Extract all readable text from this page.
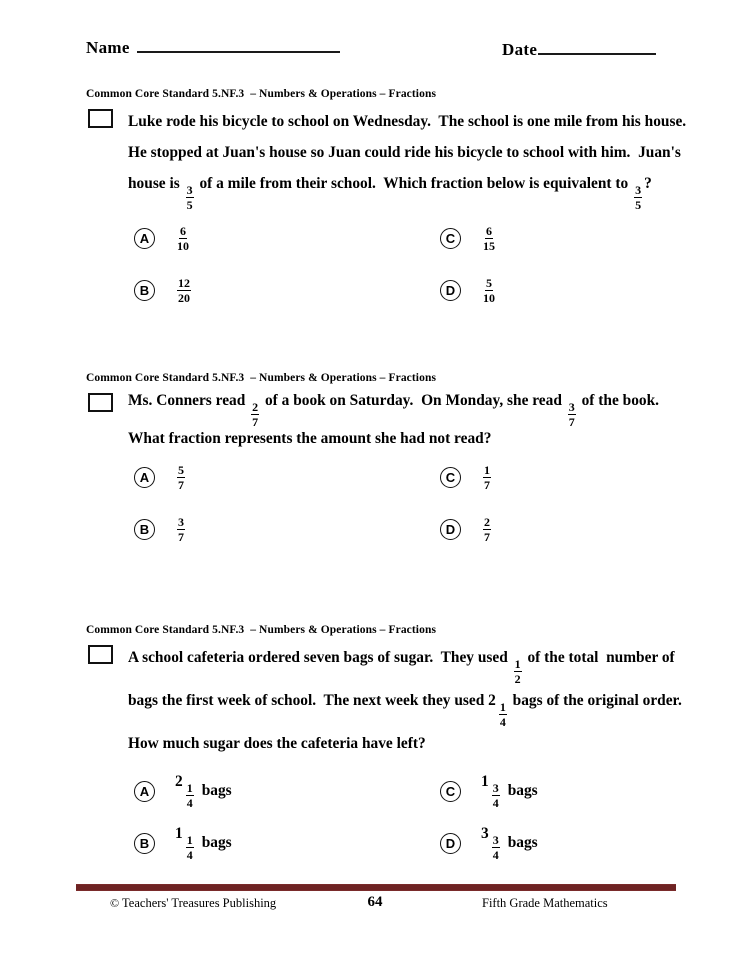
Name	Date
Common Core Standard 5.NF.3  – Numbers & Operations – Fractions
Luke rode his bicycle to school on Wednesday.  The school is one mile from his house.  He stopped at Juan's house so Juan could ride his bicycle to school with him.  Juan's house is
$\frac{3}{5}$
of a mile from their school.  Which fraction below is equivalent to
$\frac{3}{5}$
?
A	$\frac{6}{10}$
B	$\frac{12}{20}$
C	$\frac{6}{15}$
D	$\frac{5}{10}$
Common Core Standard 5.NF.3  – Numbers & Operations – Fractions
Ms. Conners read
$\frac{2}{7}$
of a book on Saturday.  On Monday, she read
$\frac{3}{7}$
of the book.  What fraction represents the amount she had not read?
A	$\frac{5}{7}$
B	$\frac{3}{7}$
C	$\frac{1}{7}$
D	$\frac{2}{7}$
Common Core Standard 5.NF.3  – Numbers & Operations – Fractions
A school cafeteria ordered seven bags of sugar.  They used
$\frac{1}{2}$
of the total  number of bags the first week of school.  The next week they used 2
$\frac{1}{4}$
bags of the original order.  How much sugar does the cafeteria have left?
A
2
$\frac{1}{4}$ bags
B
1
$\frac{1}{4}$ bags
C
1
$\frac{3}{4}$ bags
D
3
$\frac{3}{4}$ bags
© Teachers' Treasures Publishing	64	Fifth Grade Mathematics
